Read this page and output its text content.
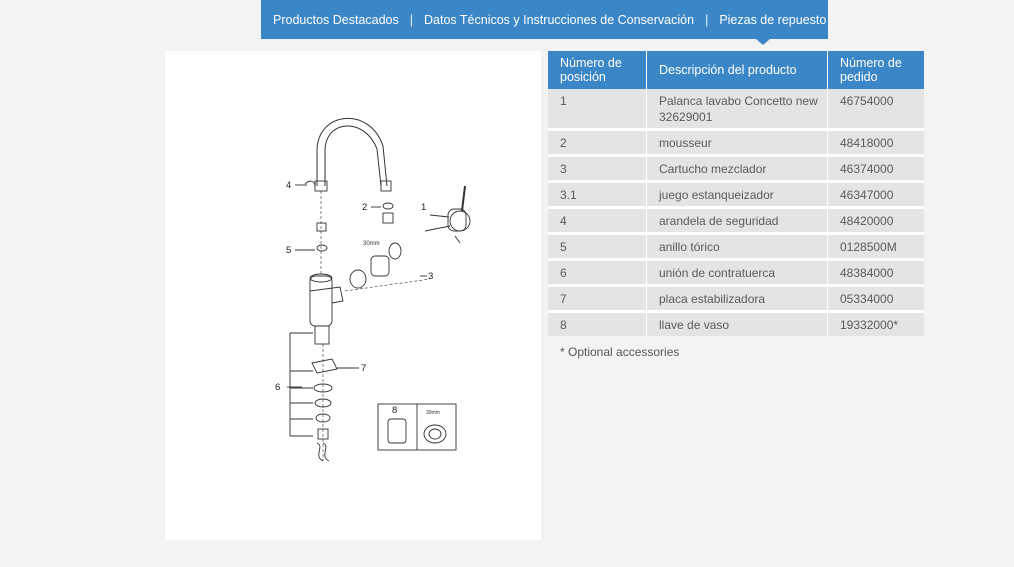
Productos Destacados | Datos Técnicos y Instrucciones de Conservación | Piezas de repuesto
30mm
30mm
4
2	1
5
3
7
6
8
Número de posición	Descripción del producto	Número de pedido
1	Palanca lavabo Concetto new 32629001	46754000
2	mousseur	48418000
3	Cartucho mezclador	46374000
3.1	juego estanqueizador	46347000
4	arandela de seguridad	48420000
5	anillo tórico	0128500M
6	unión de contratuerca	48384000
7	placa estabilizadora	05334000
8	llave de vaso	19332000*
* Optional accessories
